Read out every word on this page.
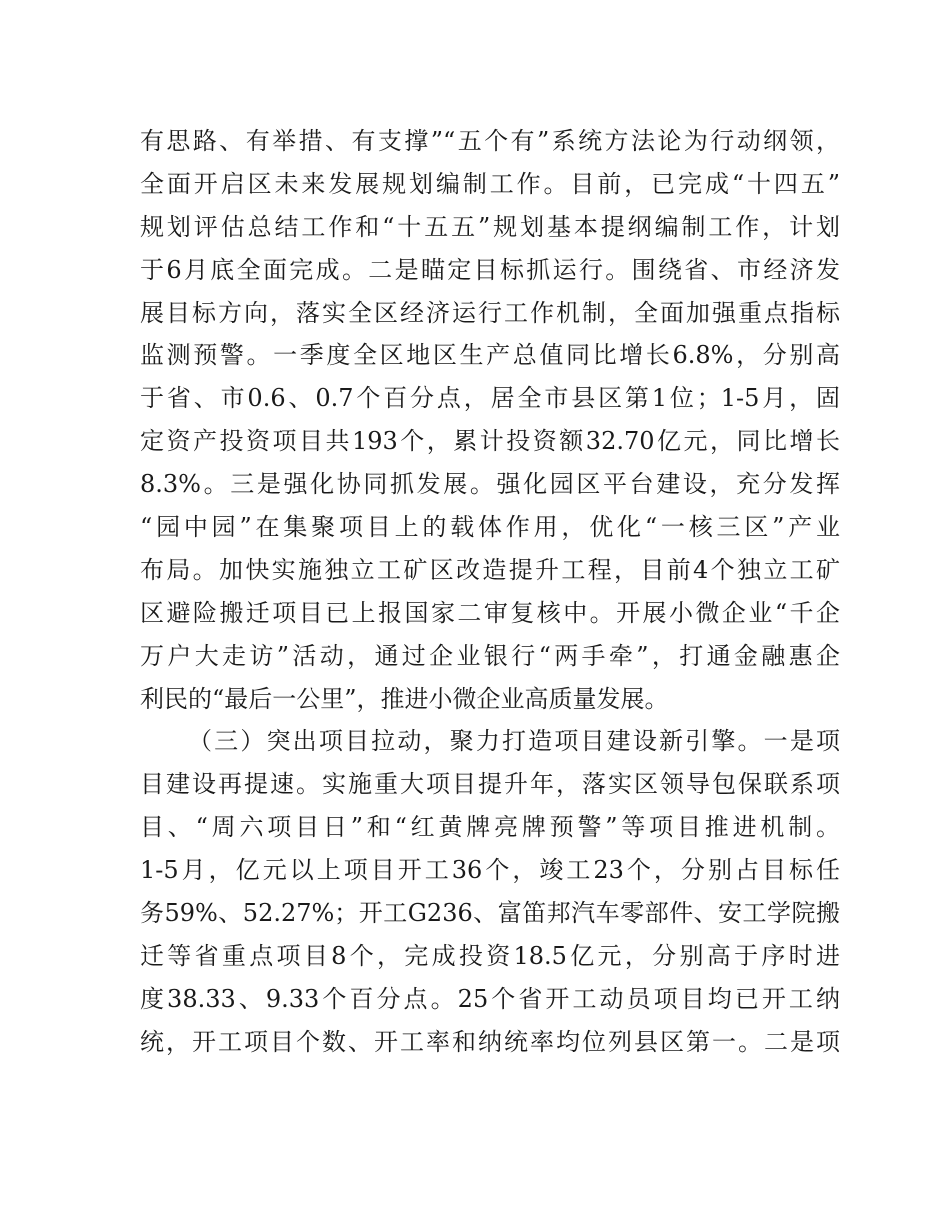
有思路、有举措、有支撑”“五个有”系统方法论为行动纲领，
全面开启区未来发展规划编制工作。目前，已完成“十四五”
规划评估总结工作和“十五五”规划基本提纲编制工作，计划
于6月底全面完成。二是瞄定目标抓运行。围绕省、市经济发
展目标方向，落实全区经济运行工作机制，全面加强重点指标
监测预警。一季度全区地区生产总值同比增长6.8%，分别高
于省、市0.6、0.7个百分点，居全市县区第1位；1-5月，固
定资产投资项目共193个，累计投资额32.70亿元，同比增长
8.3%。三是强化协同抓发展。强化园区平台建设，充分发挥
“园中园”在集聚项目上的载体作用，优化“一核三区”产业
布局。加快实施独立工矿区改造提升工程，目前4个独立工矿
区避险搬迁项目已上报国家二审复核中。开展小微企业“千企
万户大走访”活动，通过企业银行“两手牵”，打通金融惠企
利民的“最后一公里”，推进小微企业高质量发展。
（三）突出项目拉动，聚力打造项目建设新引擎。一是项
目建设再提速。实施重大项目提升年，落实区领导包保联系项
目、“周六项目日”和“红黄牌亮牌预警”等项目推进机制。
1-5月，亿元以上项目开工36个，竣工23个，分别占目标任
务59%、52.27%；开工G236、富笛邦汽车零部件、安工学院搬
迁等省重点项目8个，完成投资18.5亿元，分别高于序时进
度38.33、9.33个百分点。25个省开工动员项目均已开工纳
统，开工项目个数、开工率和纳统率均位列县区第一。二是项
